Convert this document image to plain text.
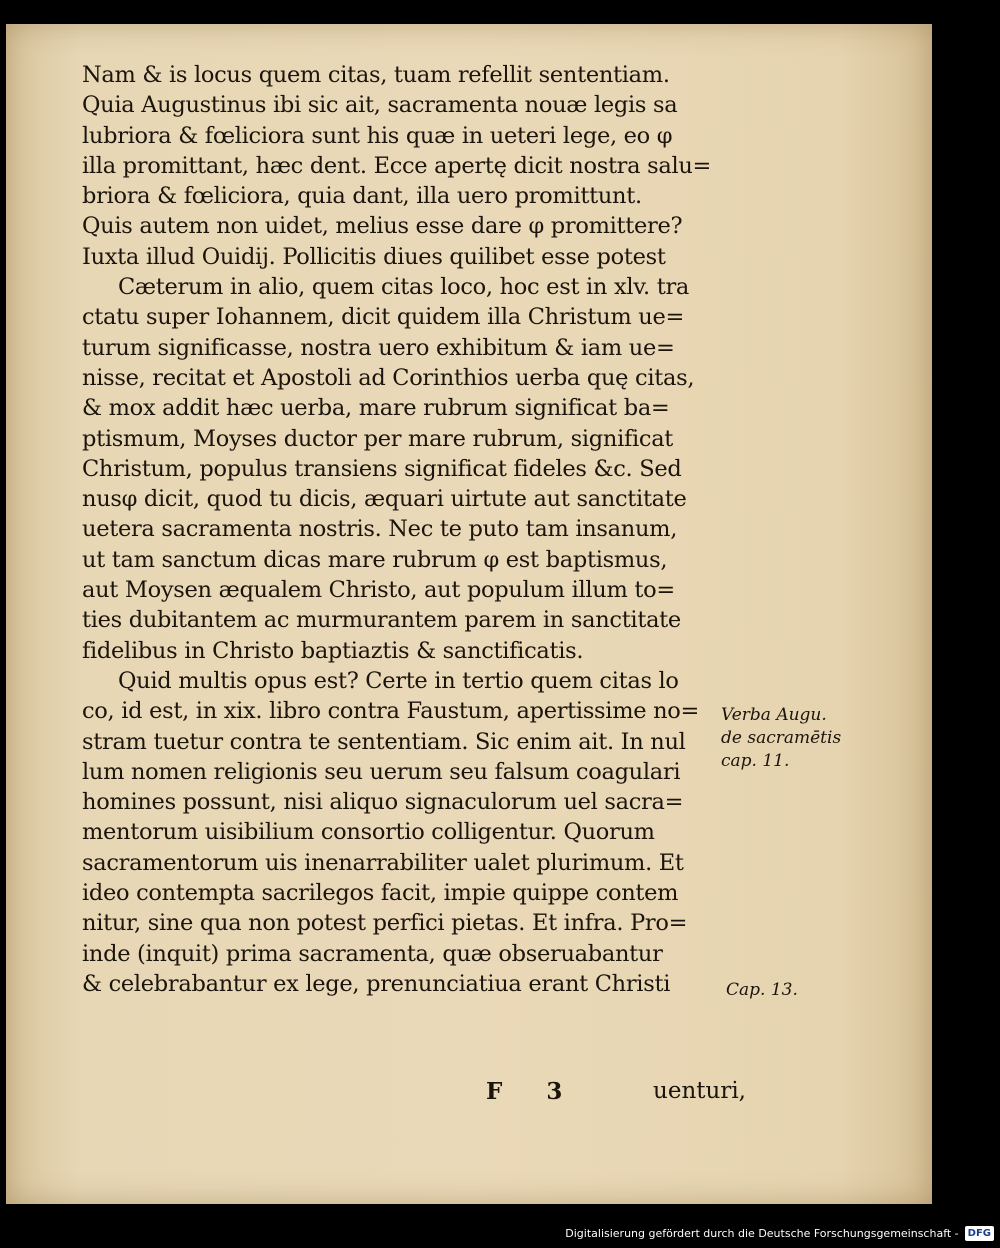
Nam & is locus quem citas, tuam refellit sententiam.
Quia Augustinus ibi sic ait, sacramenta nouæ legis sa
lubriora & fœliciora sunt his quæ in ueteri lege, eo φ
illa promittant, hæc dent. Ecce apertę dicit nostra salu=
briora & fœliciora, quia dant, illa uero promittunt.
Quis autem non uidet, melius esse dare φ promittere?
Iuxta illud Ouidij. Pollicitis diues quilibet esse potest
Cæterum in alio, quem citas loco, hoc est in xlv. tra
ctatu super Iohannem, dicit quidem illa Christum ue=
turum significasse, nostra uero exhibitum & iam ue=
nisse, recitat et Apostoli ad Corinthios uerba quę citas,
& mox addit hæc uerba, mare rubrum significat ba=
ptismum, Moyses ductor per mare rubrum, significat
Christum, populus transiens significat fideles &c. Sed
nusφ dicit, quod tu dicis, æquari uirtute aut sanctitate
uetera sacramenta nostris. Nec te puto tam insanum,
ut tam sanctum dicas mare rubrum φ est baptismus,
aut Moysen æqualem Christo, aut populum illum to=
ties dubitantem ac murmurantem parem in sanctitate
fidelibus in Christo baptiaztis & sanctificatis.
Quid multis opus est? Certe in tertio quem citas lo
co, id est, in xix. libro contra Faustum, apertissime no=
stram tuetur contra te sententiam. Sic enim ait. In nul
lum nomen religionis seu uerum seu falsum coagulari
homines possunt, nisi aliquo signaculorum uel sacra=
mentorum uisibilium consortio colligentur. Quorum
sacramentorum uis inenarrabiliter ualet plurimum. Et
ideo contempta sacrilegos facit, impie quippe contem
nitur, sine qua non potest perfici pietas. Et infra. Pro=
inde (inquit) prima sacramenta, quæ obseruabantur
& celebrabantur ex lege, prenunciatiua erant Christi
Verba Augu.
de sacramētis
cap. 11.
Cap. 13.
F 3	uenturi,
Digitalisierung gefördert durch die Deutsche Forschungsgemeinschaft - DFG
